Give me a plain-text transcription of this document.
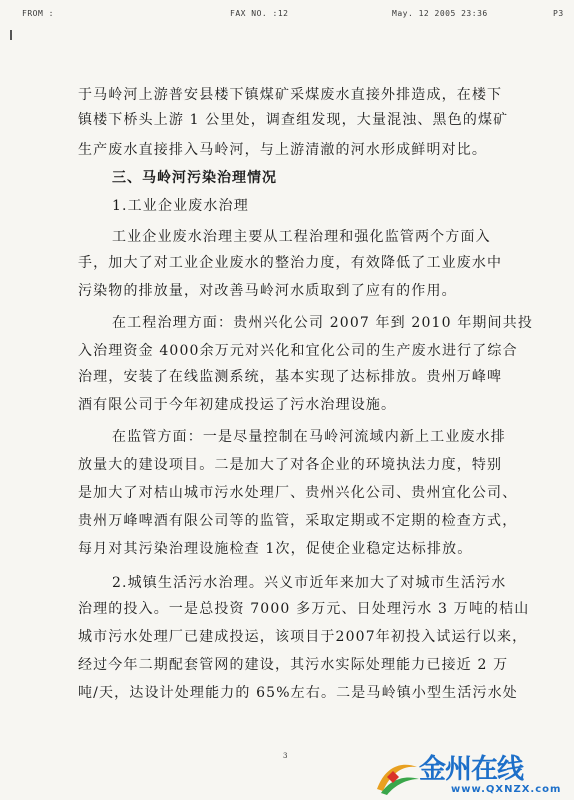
FROM :	FAX NO. :12	May. 12 2005 23:36	P3
于马岭河上游普安县楼下镇煤矿采煤废水直接外排造成，在楼下
镇楼下桥头上游 1 公里处，调查组发现，大量混浊、黑色的煤矿
生产废水直接排入马岭河，与上游清澈的河水形成鲜明对比。
三、马岭河污染治理情况
1.工业企业废水治理
工业企业废水治理主要从工程治理和强化监管两个方面入
手，加大了对工业企业废水的整治力度，有效降低了工业废水中
污染物的排放量，对改善马岭河水质取到了应有的作用。
在工程治理方面：贵州兴化公司 2007 年到 2010 年期间共投
入治理资金 4000余万元对兴化和宜化公司的生产废水进行了综合
治理，安装了在线监测系统，基本实现了达标排放。贵州万峰啤
酒有限公司于今年初建成投运了污水治理设施。
在监管方面：一是尽量控制在马岭河流域内新上工业废水排
放量大的建设项目。二是加大了对各企业的环境执法力度，特别
是加大了对桔山城市污水处理厂、贵州兴化公司、贵州宜化公司、
贵州万峰啤酒有限公司等的监管，采取定期或不定期的检查方式，
每月对其污染治理设施检查 1次，促使企业稳定达标排放。
2.城镇生活污水治理。兴义市近年来加大了对城市生活污水
治理的投入。一是总投资 7000 多万元、日处理污水 3 万吨的桔山
城市污水处理厂已建成投运，该项目于2007年初投入试运行以来，
经过今年二期配套管网的建设，其污水实际处理能力已接近 2 万
吨/天，达设计处理能力的 65%左右。二是马岭镇小型生活污水处
3	金州在线
www.QXNZX.com
